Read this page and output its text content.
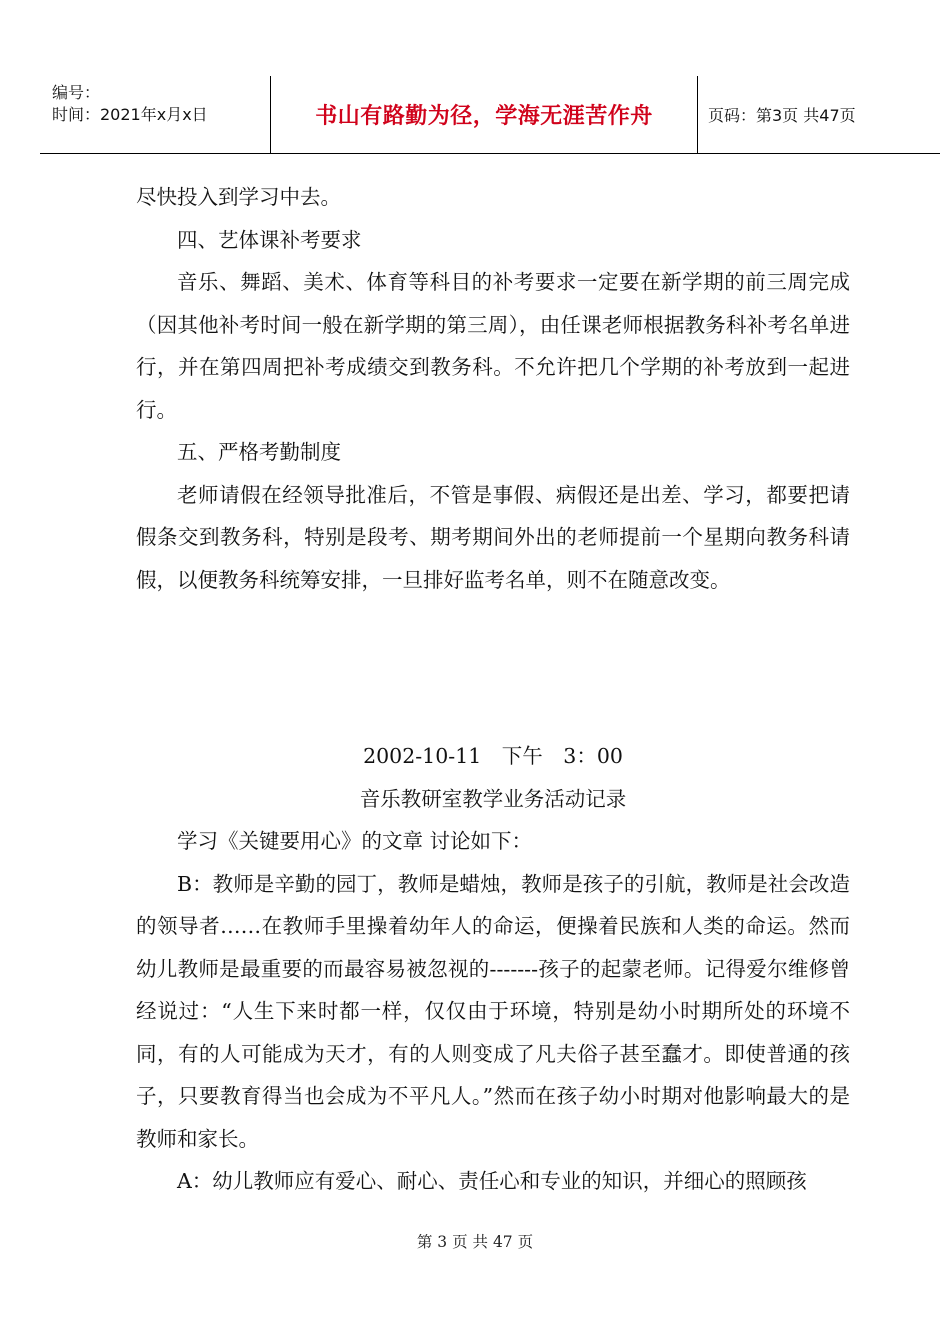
编号：
时间：2021年x月x日	书山有路勤为径，学海无涯苦作舟	页码：第3页 共47页

尽快投入到学习中去。

四、艺体课补考要求

音乐、舞蹈、美术、体育等科目的补考要求一定要在新学期的前三周完成（因其他补考时间一般在新学期的第三周），由任课老师根据教务科补考名单进行，并在第四周把补考成绩交到教务科。不允许把几个学期的补考放到一起进行。

五、严格考勤制度

老师请假在经领导批准后，不管是事假、病假还是出差、学习，都要把请假条交到教务科，特别是段考、期考期间外出的老师提前一个星期向教务科请假，以便教务科统筹安排，一旦排好监考名单，则不在随意改变。

2002-10-11　下午　3：00

音乐教研室教学业务活动记录

学习《关键要用心》的文章 讨论如下：

B：教师是辛勤的园丁，教师是蜡烛，教师是孩子的引航，教师是社会改造的领导者……在教师手里操着幼年人的命运，便操着民族和人类的命运。然而幼儿教师是最重要的而最容易被忽视的-------孩子的起蒙老师。记得爱尔维修曾经说过：“人生下来时都一样，仅仅由于环境，特别是幼小时期所处的环境不同，有的人可能成为天才，有的人则变成了凡夫俗子甚至蠢才。即使普通的孩子，只要教育得当也会成为不平凡人。”然而在孩子幼小时期对他影响最大的是教师和家长。

A：幼儿教师应有爱心、耐心、责任心和专业的知识，并细心的照顾孩

第 3 页 共 47 页
